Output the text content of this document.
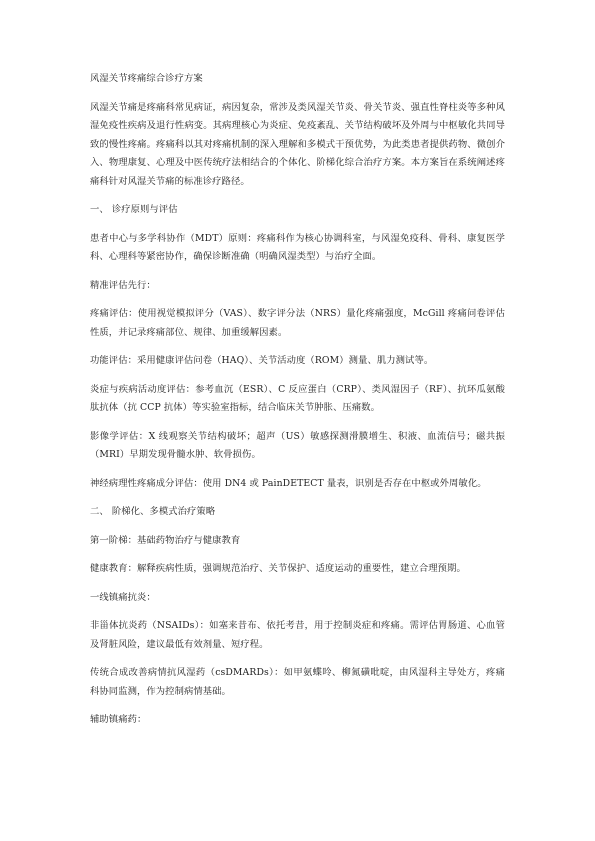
风湿关节疼痛综合诊疗方案

风湿关节痛是疼痛科常见病证，病因复杂，常涉及类风湿关节炎、骨关节炎、强直性脊柱炎等多种风湿免疫性疾病及退行性病变。其病理核心为炎症、免疫紊乱、关节结构破坏及外周与中枢敏化共同导致的慢性疼痛。疼痛科以其对疼痛机制的深入理解和多模式干预优势，为此类患者提供药物、微创介入、物理康复、心理及中医传统疗法相结合的个体化、阶梯化综合治疗方案。本方案旨在系统阐述疼痛科针对风湿关节痛的标准诊疗路径。

一、 诊疗原则与评估

患者中心与多学科协作（MDT）原则：疼痛科作为核心协调科室，与风湿免疫科、骨科、康复医学科、心理科等紧密协作，确保诊断准确（明确风湿类型）与治疗全面。

精准评估先行：

疼痛评估：使用视觉模拟评分（VAS）、数字评分法（NRS）量化疼痛强度，McGill 疼痛问卷评估性质，并记录疼痛部位、规律、加重缓解因素。

功能评估：采用健康评估问卷（HAQ）、关节活动度（ROM）测量、肌力测试等。

炎症与疾病活动度评估：参考血沉（ESR）、C 反应蛋白（CRP）、类风湿因子（RF）、抗环瓜氨酸肽抗体（抗 CCP 抗体）等实验室指标，结合临床关节肿胀、压痛数。

影像学评估：X 线观察关节结构破坏；超声（US）敏感探测滑膜增生、积液、血流信号；磁共振（MRI）早期发现骨髓水肿、软骨损伤。

神经病理性疼痛成分评估：使用 DN4 或 PainDETECT 量表，识别是否存在中枢或外周敏化。

二、 阶梯化、多模式治疗策略

第一阶梯：基础药物治疗与健康教育

健康教育：解释疾病性质，强调规范治疗、关节保护、适度运动的重要性，建立合理预期。

一线镇痛抗炎：

非甾体抗炎药（NSAIDs）：如塞来昔布、依托考昔，用于控制炎症和疼痛。需评估胃肠道、心血管及肾脏风险，建议最低有效剂量、短疗程。

传统合成改善病情抗风湿药（csDMARDs）：如甲氨蝶呤、柳氮磺吡啶，由风湿科主导处方，疼痛科协同监测，作为控制病情基础。

辅助镇痛药：
